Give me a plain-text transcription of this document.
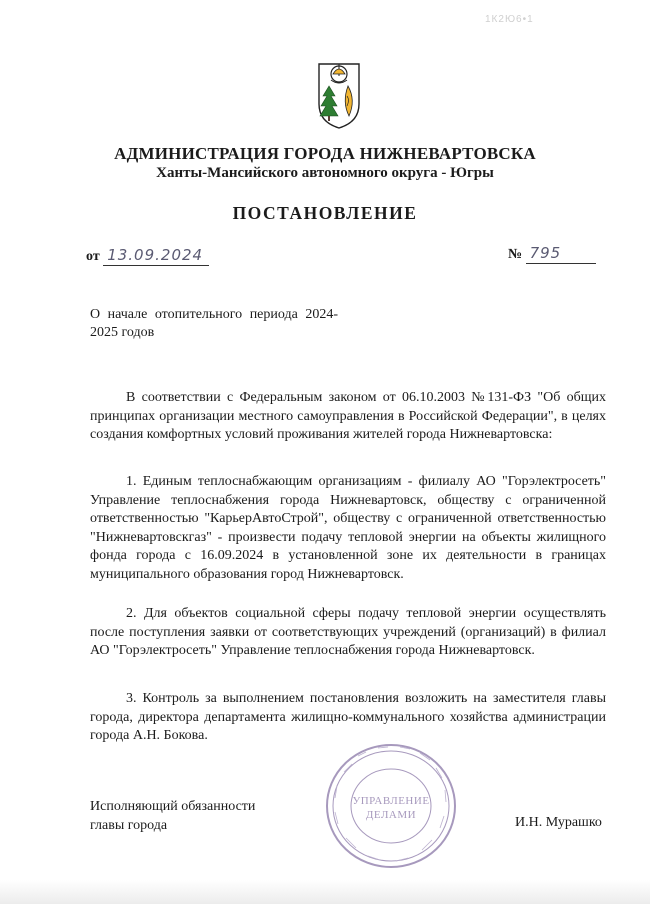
1К2Ю6•1
АДМИНИСТРАЦИЯ ГОРОДА НИЖНЕВАРТОВСКА
Ханты-Мансийского автономного округа - Югры
ПОСТАНОВЛЕНИЕ
от 13.09.2024	№ 795
О начале отопительного периода 2024-2025 годов
В соответствии с Федеральным законом от 06.10.2003 №131-ФЗ "Об общих принципах организации местного самоуправления в Российской Федерации", в целях создания комфортных условий проживания жителей города Нижневартовска:
1. Единым теплоснабжающим организациям - филиалу АО "Горэлектросеть" Управление теплоснабжения города Нижневартовск, обществу с ограниченной ответственностью "КарьерАвтоСтрой", обществу с ограниченной ответственностью "Нижневартовскгаз" - произвести подачу тепловой энергии на объекты жилищного фонда города с 16.09.2024 в установленной зоне их деятельности в границах муниципального образования город Нижневартовск.
2. Для объектов социальной сферы подачу тепловой энергии осуществлять после поступления заявки от соответствующих учреждений (организаций) в филиал АО "Горэлектросеть" Управление теплоснабжения города Нижневартовск.
3. Контроль за выполнением постановления возложить на заместителя главы города, директора департамента жилищно-коммунального хозяйства администрации города А.Н. Бокова.
УПРАВЛЕНИЕ
ДЕЛАМИ
Исполняющий обязанности
главы города	И.Н. Мурашко
